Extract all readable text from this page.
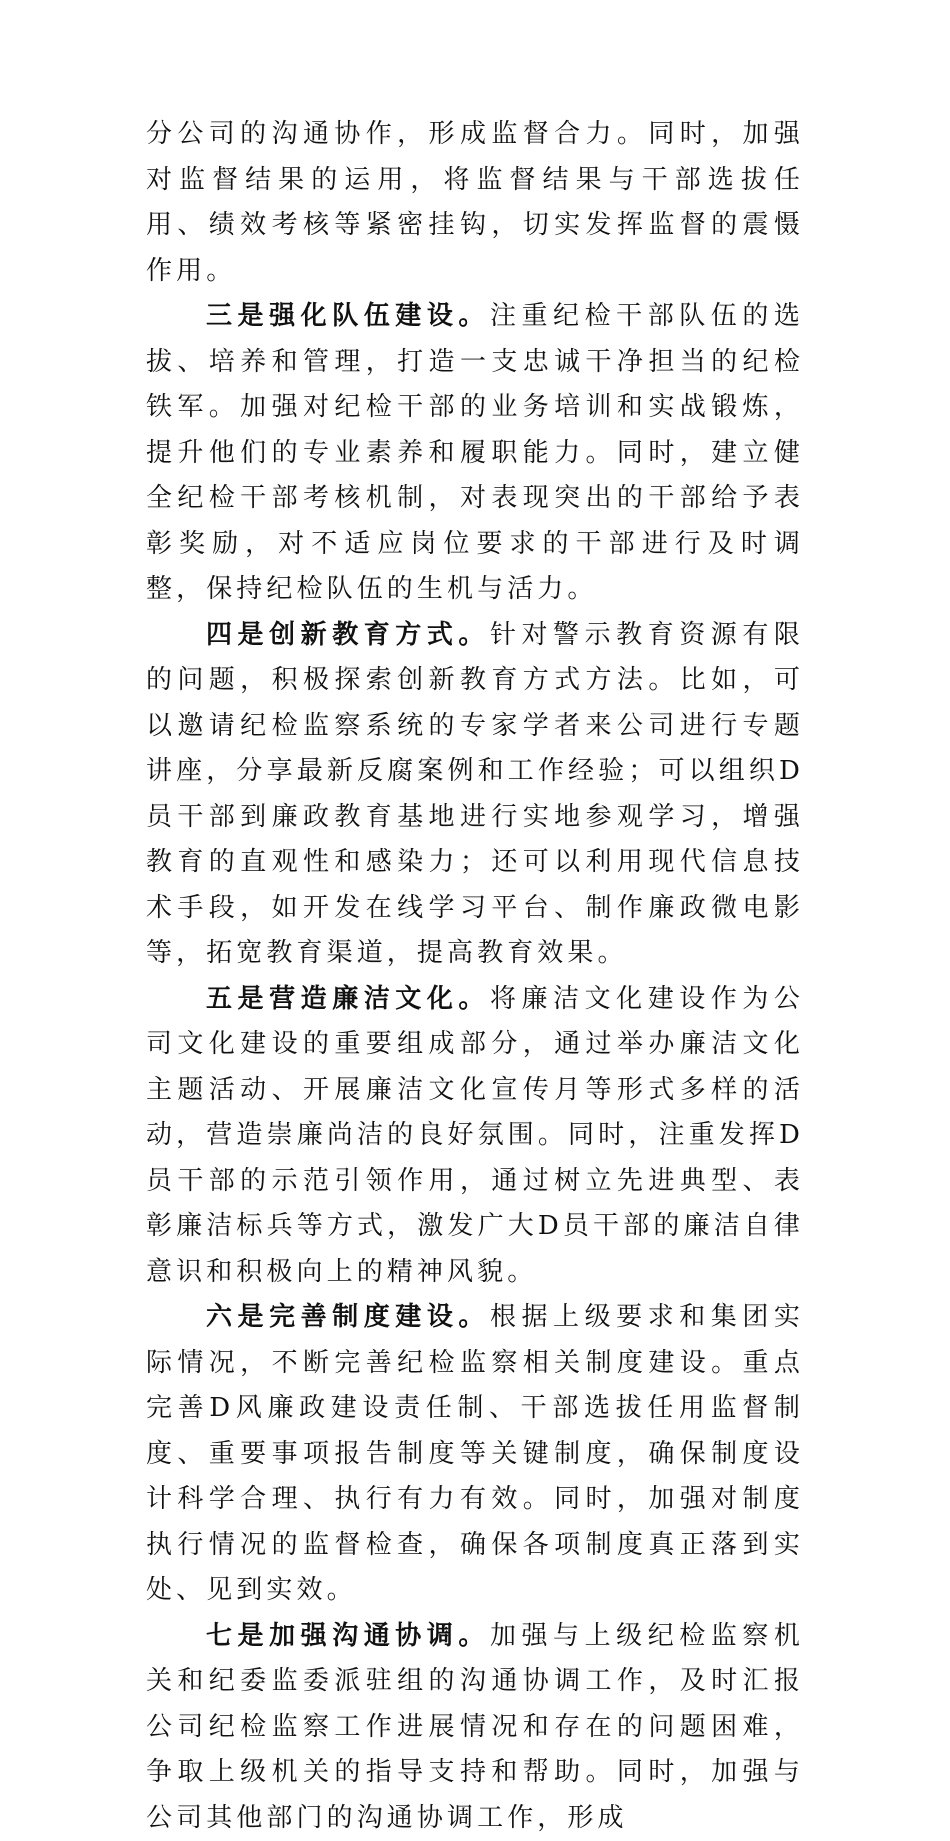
分公司的沟通协作，形成监督合力。同时，加强对监督结果的运用，将监督结果与干部选拔任用、绩效考核等紧密挂钩，切实发挥监督的震慑作用。

三是强化队伍建设。注重纪检干部队伍的选拔、培养和管理，打造一支忠诚干净担当的纪检铁军。加强对纪检干部的业务培训和实战锻炼，提升他们的专业素养和履职能力。同时，建立健全纪检干部考核机制，对表现突出的干部给予表彰奖励，对不适应岗位要求的干部进行及时调整，保持纪检队伍的生机与活力。

四是创新教育方式。针对警示教育资源有限的问题，积极探索创新教育方式方法。比如，可以邀请纪检监察系统的专家学者来公司进行专题讲座，分享最新反腐案例和工作经验；可以组织D员干部到廉政教育基地进行实地参观学习，增强教育的直观性和感染力；还可以利用现代信息技术手段，如开发在线学习平台、制作廉政微电影等，拓宽教育渠道，提高教育效果。

五是营造廉洁文化。将廉洁文化建设作为公司文化建设的重要组成部分，通过举办廉洁文化主题活动、开展廉洁文化宣传月等形式多样的活动，营造崇廉尚洁的良好氛围。同时，注重发挥D员干部的示范引领作用，通过树立先进典型、表彰廉洁标兵等方式，激发广大D员干部的廉洁自律意识和积极向上的精神风貌。

六是完善制度建设。根据上级要求和集团实际情况，不断完善纪检监察相关制度建设。重点完善D风廉政建设责任制、干部选拔任用监督制度、重要事项报告制度等关键制度，确保制度设计科学合理、执行有力有效。同时，加强对制度执行情况的监督检查，确保各项制度真正落到实处、见到实效。

七是加强沟通协调。加强与上级纪检监察机关和纪委监委派驻组的沟通协调工作，及时汇报公司纪检监察工作进展情况和存在的问题困难，争取上级机关的指导支持和帮助。同时，加强与公司其他部门的沟通协调工作，形成
